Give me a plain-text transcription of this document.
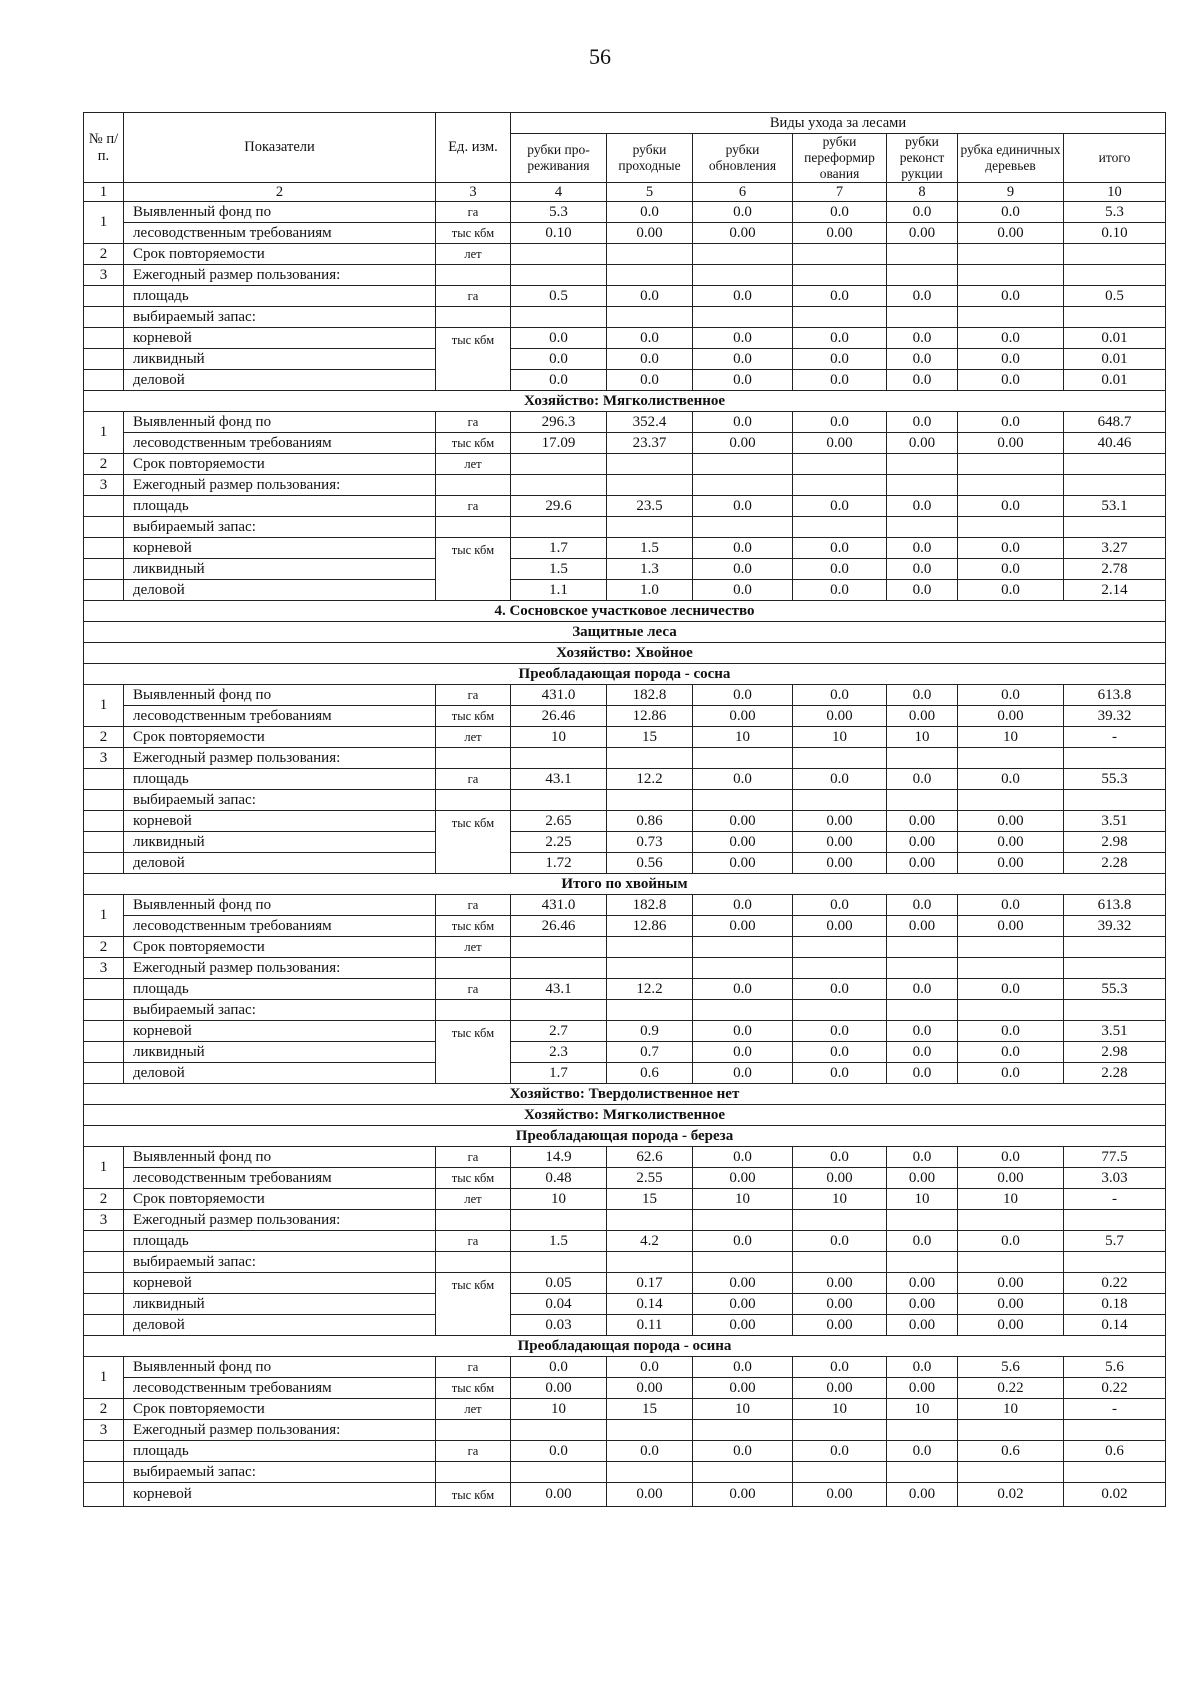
56
№ п/ п.	Показатели	Ед. изм.	Виды ухода за лесами						
			рубки про-реживания	рубки проходные	рубки обновления	рубки переформир ования	рубки реконст рукции	рубка единичных деревьев	итого
1	2	3	4	5	6	7	8	9	10
1	Выявленный фонд по	га	5.3	0.0	0.0	0.0	0.0	0.0	5.3
	лесоводственным требованиям	тыс кбм	0.10	0.00	0.00	0.00	0.00	0.00	0.10
2	Срок повторяемости	лет							
3	Ежегодный размер пользования:								
	площадь	га	0.5	0.0	0.0	0.0	0.0	0.0	0.5
	выбираемый запас:								
	корневой	тыс кбм	0.0	0.0	0.0	0.0	0.0	0.0	0.01
	ликвидный		0.0	0.0	0.0	0.0	0.0	0.0	0.01
	деловой		0.0	0.0	0.0	0.0	0.0	0.0	0.01
Хозяйство: Мягколиственное									
1	Выявленный фонд по	га	296.3	352.4	0.0	0.0	0.0	0.0	648.7
	лесоводственным требованиям	тыс кбм	17.09	23.37	0.00	0.00	0.00	0.00	40.46
2	Срок повторяемости	лет							
3	Ежегодный размер пользования:								
	площадь	га	29.6	23.5	0.0	0.0	0.0	0.0	53.1
	выбираемый запас:								
	корневой	тыс кбм	1.7	1.5	0.0	0.0	0.0	0.0	3.27
	ликвидный		1.5	1.3	0.0	0.0	0.0	0.0	2.78
	деловой		1.1	1.0	0.0	0.0	0.0	0.0	2.14
4. Сосновское участковое лесничество									
Защитные леса									
Хозяйство: Хвойное									
Преобладающая порода - сосна									
1	Выявленный фонд по	га	431.0	182.8	0.0	0.0	0.0	0.0	613.8
	лесоводственным требованиям	тыс кбм	26.46	12.86	0.00	0.00	0.00	0.00	39.32
2	Срок повторяемости	лет	10	15	10	10	10	10	-
3	Ежегодный размер пользования:								
	площадь	га	43.1	12.2	0.0	0.0	0.0	0.0	55.3
	выбираемый запас:								
	корневой	тыс кбм	2.65	0.86	0.00	0.00	0.00	0.00	3.51
	ликвидный		2.25	0.73	0.00	0.00	0.00	0.00	2.98
	деловой		1.72	0.56	0.00	0.00	0.00	0.00	2.28
Итого по хвойным									
1	Выявленный фонд по	га	431.0	182.8	0.0	0.0	0.0	0.0	613.8
	лесоводственным требованиям	тыс кбм	26.46	12.86	0.00	0.00	0.00	0.00	39.32
2	Срок повторяемости	лет							
3	Ежегодный размер пользования:								
	площадь	га	43.1	12.2	0.0	0.0	0.0	0.0	55.3
	выбираемый запас:								
	корневой	тыс кбм	2.7	0.9	0.0	0.0	0.0	0.0	3.51
	ликвидный		2.3	0.7	0.0	0.0	0.0	0.0	2.98
	деловой		1.7	0.6	0.0	0.0	0.0	0.0	2.28
Хозяйство: Твердолиственное нет									
Хозяйство: Мягколиственное									
Преобладающая порода - береза									
1	Выявленный фонд по	га	14.9	62.6	0.0	0.0	0.0	0.0	77.5
	лесоводственным требованиям	тыс кбм	0.48	2.55	0.00	0.00	0.00	0.00	3.03
2	Срок повторяемости	лет	10	15	10	10	10	10	-
3	Ежегодный размер пользования:								
	площадь	га	1.5	4.2	0.0	0.0	0.0	0.0	5.7
	выбираемый запас:								
	корневой	тыс кбм	0.05	0.17	0.00	0.00	0.00	0.00	0.22
	ликвидный		0.04	0.14	0.00	0.00	0.00	0.00	0.18
	деловой		0.03	0.11	0.00	0.00	0.00	0.00	0.14
Преобладающая порода - осина									
1	Выявленный фонд по	га	0.0	0.0	0.0	0.0	0.0	5.6	5.6
	лесоводственным требованиям	тыс кбм	0.00	0.00	0.00	0.00	0.00	0.22	0.22
2	Срок повторяемости	лет	10	15	10	10	10	10	-
3	Ежегодный размер пользования:								
	площадь	га	0.0	0.0	0.0	0.0	0.0	0.6	0.6
	выбираемый запас:								
	корневой	тыс кбм	0.00	0.00	0.00	0.00	0.00	0.02	0.02
